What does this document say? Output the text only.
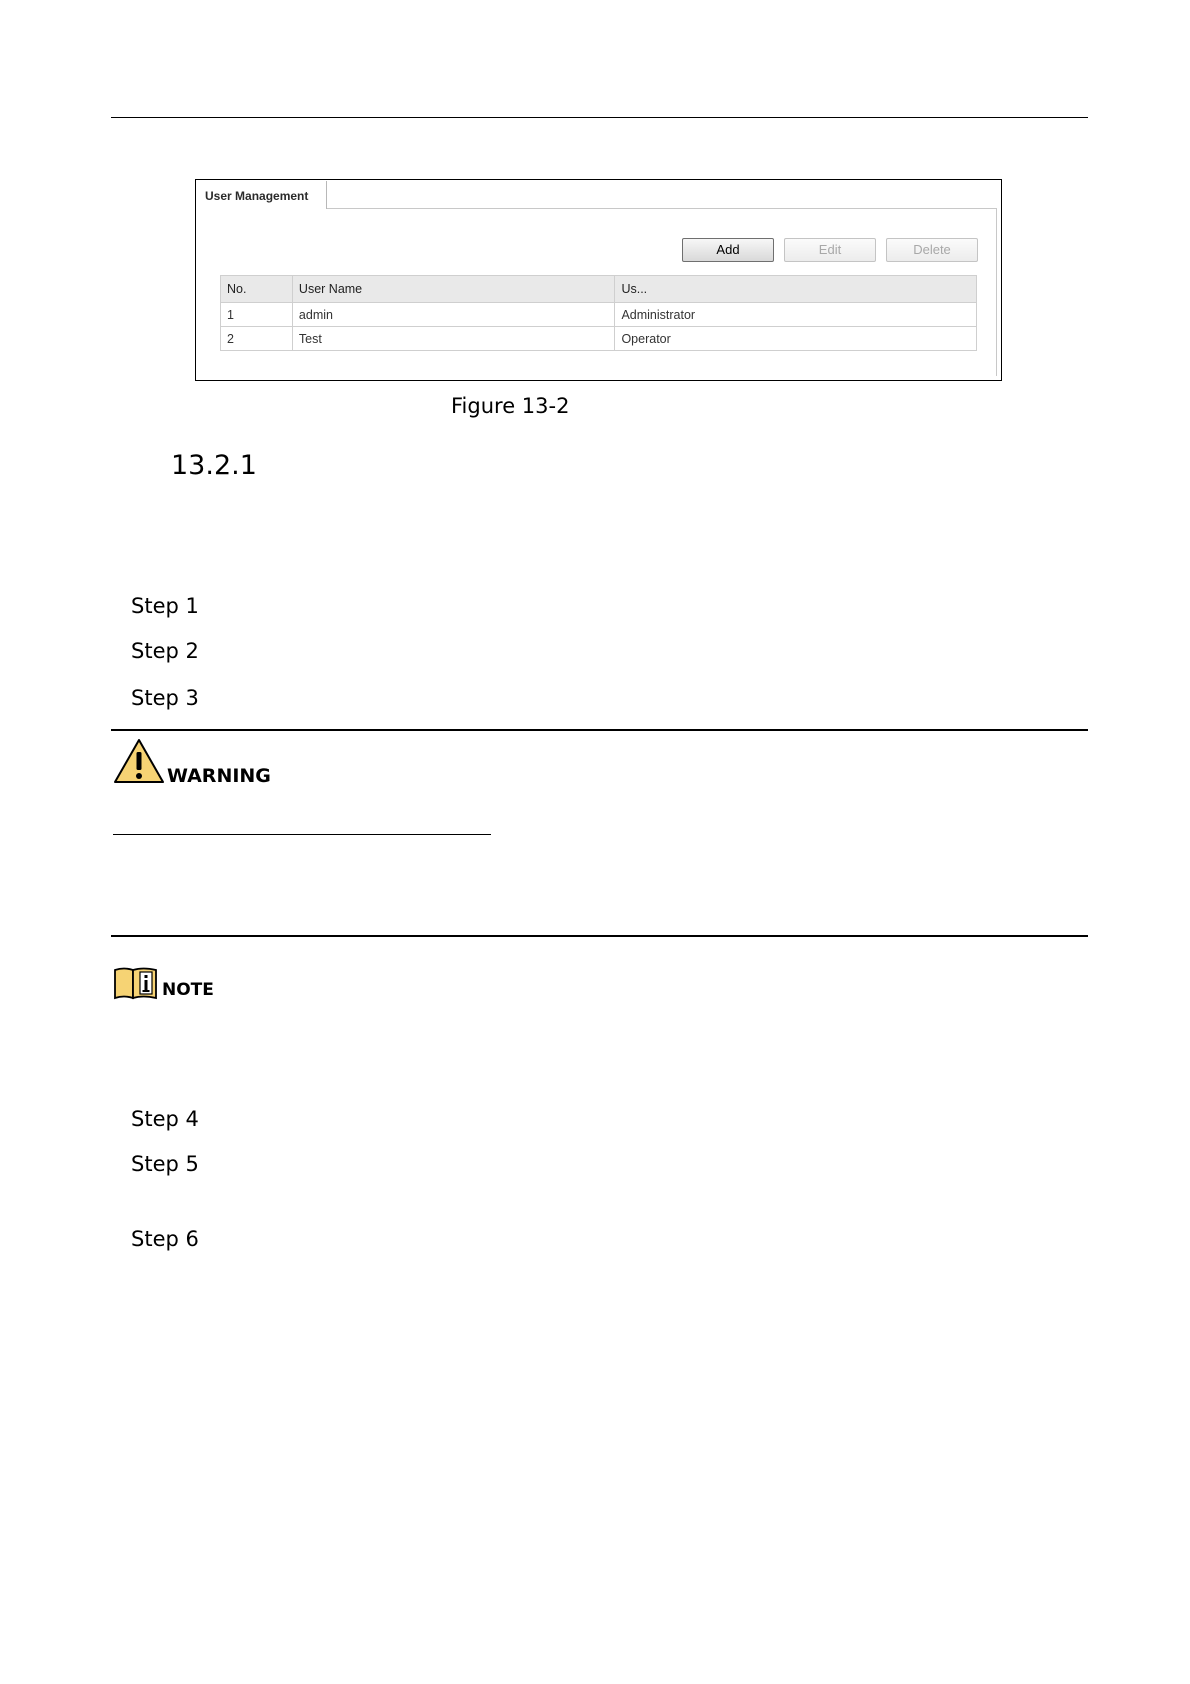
User Management
Add	Edit	Delete
No.	User Name	Us...
1	admin	Administrator
2	Test	Operator
Figure 13-2
13.2.1
Step 1
Step 2
Step 3
WARNING
NOTE
Step 4
Step 5
Step 6
